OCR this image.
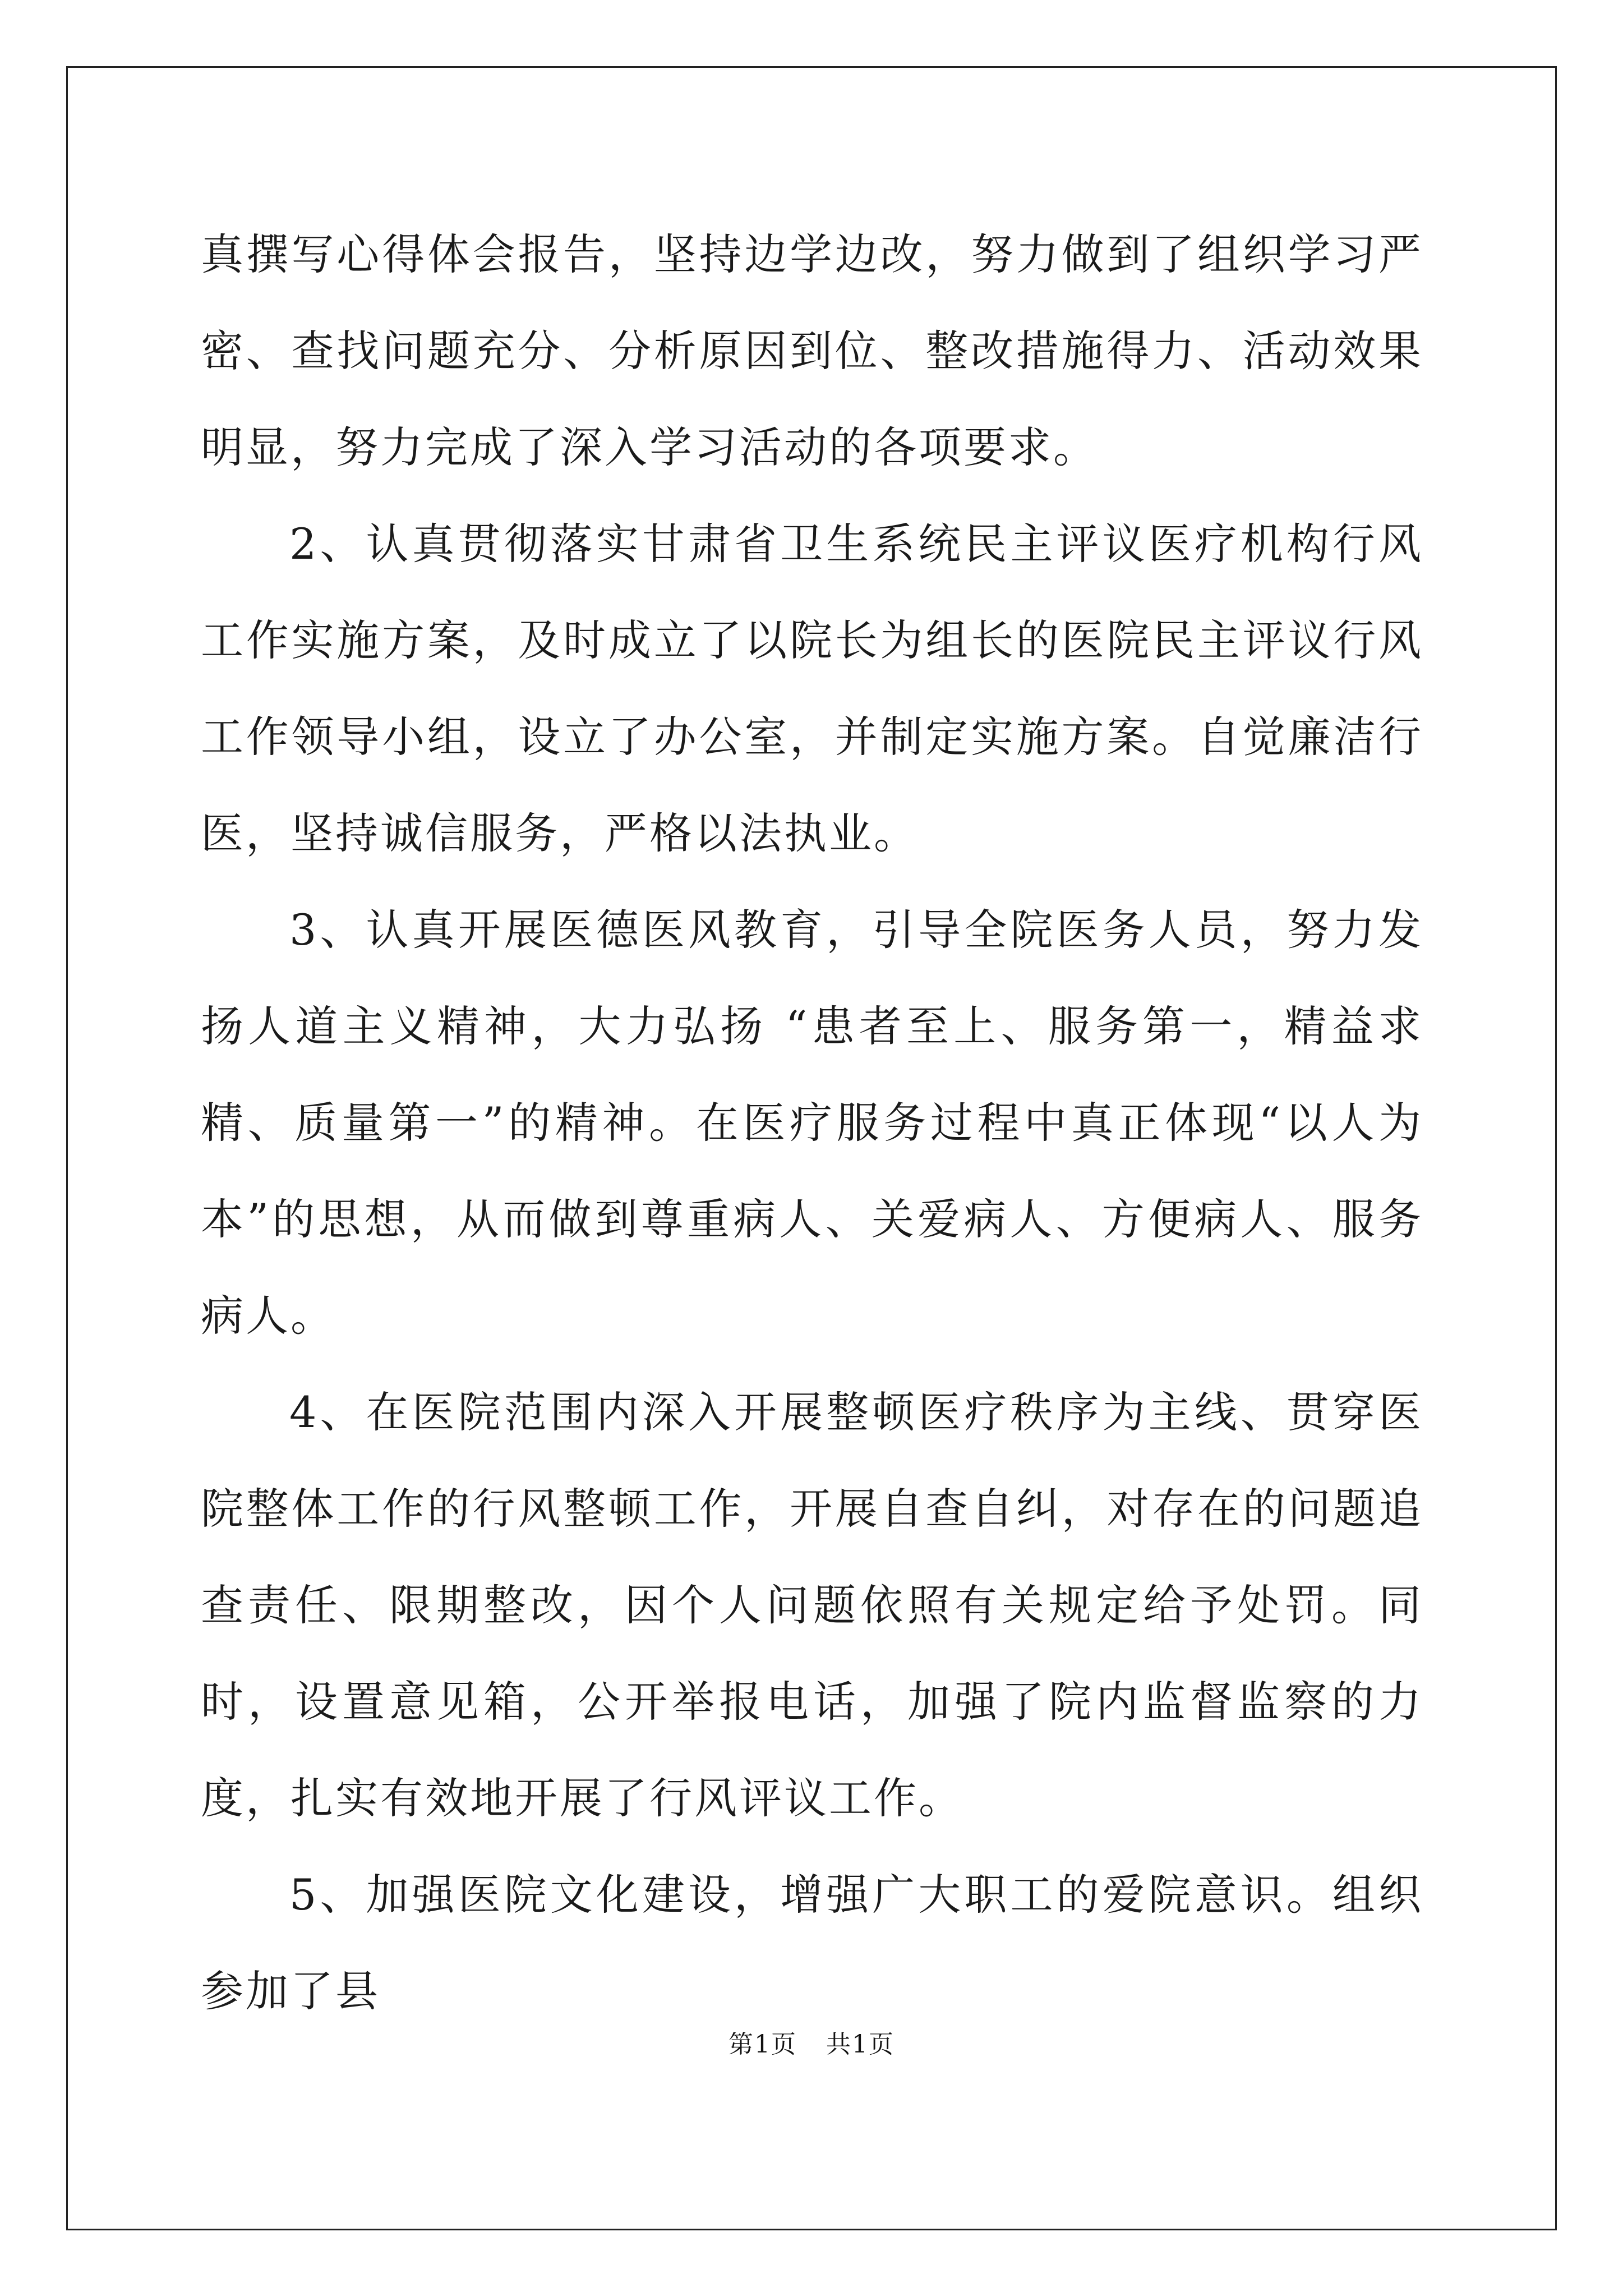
真撰写心得体会报告，坚持边学边改，努力做到了组织学习严密、查找问题充分、分析原因到位、整改措施得力、活动效果明显，努力完成了深入学习活动的各项要求。

2、认真贯彻落实甘肃省卫生系统民主评议医疗机构行风工作实施方案，及时成立了以院长为组长的医院民主评议行风工作领导小组，设立了办公室，并制定实施方案。自觉廉洁行医，坚持诚信服务，严格以法执业。

3、认真开展医德医风教育，引导全院医务人员，努力发扬人道主义精神，大力弘扬 “患者至上、服务第一，精益求精、质量第一”的精神。在医疗服务过程中真正体现“以人为本”的思想，从而做到尊重病人、关爱病人、方便病人、服务病人。

4、在医院范围内深入开展整顿医疗秩序为主线、贯穿医院整体工作的行风整顿工作，开展自查自纠，对存在的问题追查责任、限期整改，因个人问题依照有关规定给予处罚。同时，设置意见箱，公开举报电话，加强了院内监督监察的力度，扎实有效地开展了行风评议工作。

5、加强医院文化建设，增强广大职工的爱院意识。组织参加了县

第1页 共1页
